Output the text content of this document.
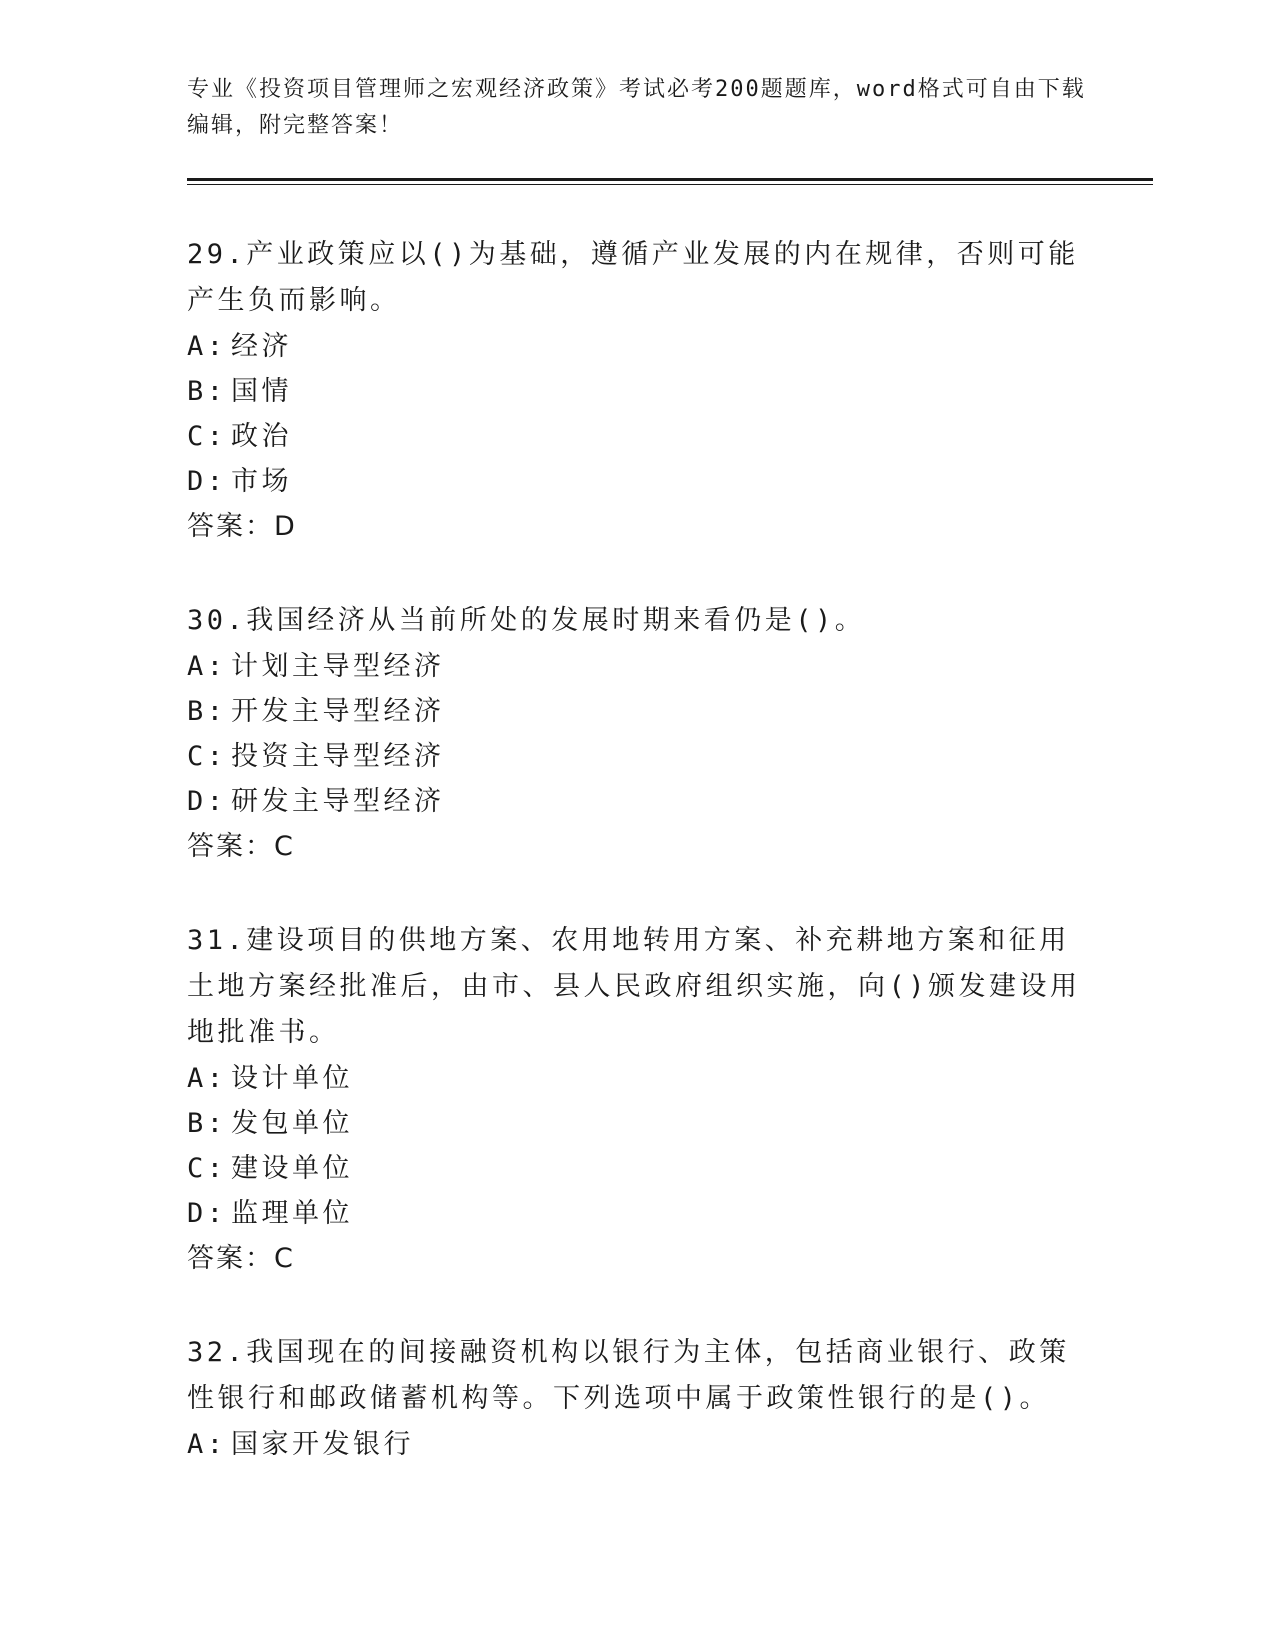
专业《投资项目管理师之宏观经济政策》考试必考200题题库，word格式可自由下载编辑，附完整答案！

29.产业政策应以()为基础，遵循产业发展的内在规律，否则可能产生负而影响。

A: 经济
B: 国情
C: 政治
D: 市场
答案：D

30.我国经济从当前所处的发展时期来看仍是()。

A: 计划主导型经济
B: 开发主导型经济
C: 投资主导型经济
D: 研发主导型经济
答案：C

31.建设项目的供地方案、农用地转用方案、补充耕地方案和征用土地方案经批准后，由市、县人民政府组织实施，向()颁发建设用地批准书。

A: 设计单位
B: 发包单位
C: 建设单位
D: 监理单位
答案：C

32.我国现在的间接融资机构以银行为主体，包括商业银行、政策性银行和邮政储蓄机构等。下列选项中属于政策性银行的是()。

A: 国家开发银行
